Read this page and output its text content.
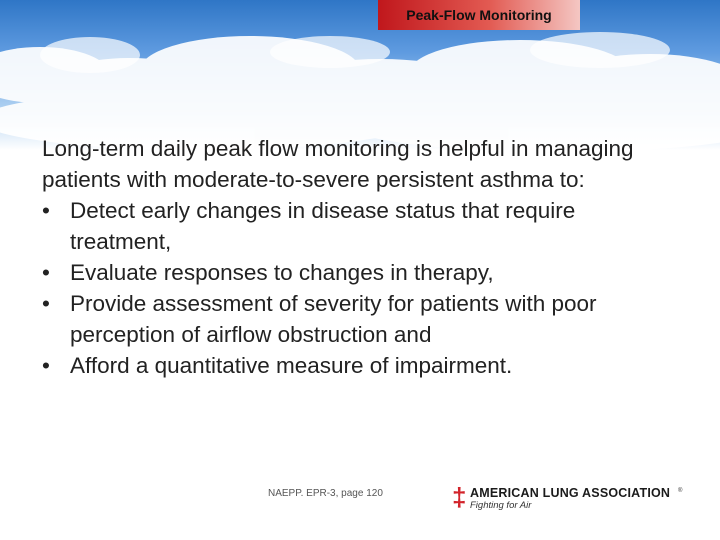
Peak-Flow Monitoring

Long-term daily peak flow monitoring is helpful in managing patients with moderate-to-severe persistent asthma to:

• Detect early changes in disease status that require treatment,
• Evaluate responses to changes in therapy,
• Provide assessment of severity for patients with poor perception of airflow obstruction and
• Afford a quantitative measure of impairment.
NAEPP. EPR-3, page 120	‡ AMERICAN LUNG ASSOCIATION ®
Fighting for Air
